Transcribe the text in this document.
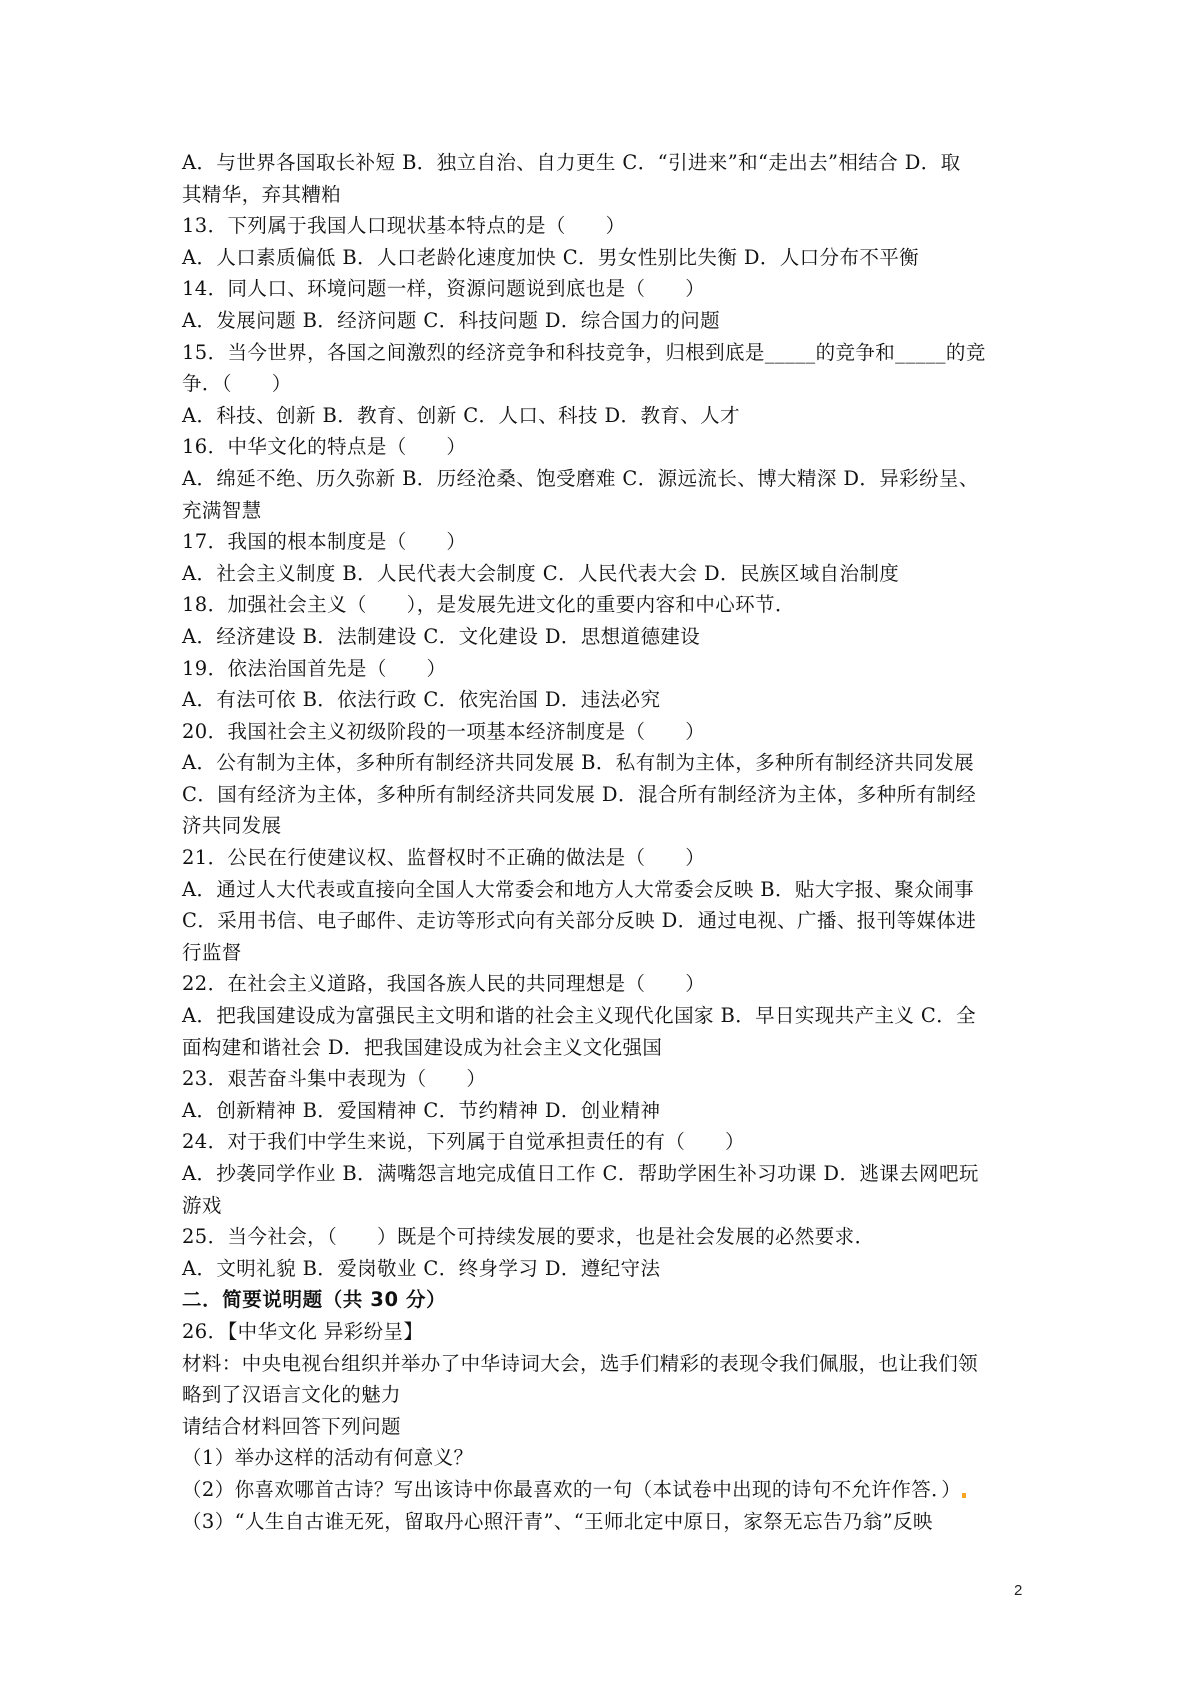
A．与世界各国取长补短 B．独立自治、自力更生 C．“引进来”和“走出去”相结合 D．取
其精华，弃其糟粕
13．下列属于我国人口现状基本特点的是（　　）
A．人口素质偏低 B．人口老龄化速度加快 C．男女性别比失衡 D．人口分布不平衡
14．同人口、环境问题一样，资源问题说到底也是（　　）
A．发展问题 B．经济问题 C．科技问题 D．综合国力的问题
15．当今世界，各国之间激烈的经济竞争和科技竞争，归根到底是_____的竞争和_____的竞
争．（　　）
A．科技、创新 B．教育、创新 C．人口、科技 D．教育、人才
16．中华文化的特点是（　　）
A．绵延不绝、历久弥新 B．历经沧桑、饱受磨难 C．源远流长、博大精深 D．异彩纷呈、
充满智慧
17．我国的根本制度是（　　）
A．社会主义制度 B．人民代表大会制度 C．人民代表大会 D．民族区域自治制度
18．加强社会主义（　　），是发展先进文化的重要内容和中心环节．
A．经济建设 B．法制建设 C．文化建设 D．思想道德建设
19．依法治国首先是（　　）
A．有法可依 B．依法行政 C．依宪治国 D．违法必究
20．我国社会主义初级阶段的一项基本经济制度是（　　）
A．公有制为主体，多种所有制经济共同发展 B．私有制为主体，多种所有制经济共同发展
C．国有经济为主体，多种所有制经济共同发展 D．混合所有制经济为主体，多种所有制经
济共同发展
21．公民在行使建议权、监督权时不正确的做法是（　　）
A．通过人大代表或直接向全国人大常委会和地方人大常委会反映 B．贴大字报、聚众闹事
C．采用书信、电子邮件、走访等形式向有关部分反映 D．通过电视、广播、报刊等媒体进
行监督
22．在社会主义道路，我国各族人民的共同理想是（　　）
A．把我国建设成为富强民主文明和谐的社会主义现代化国家 B．早日实现共产主义 C．全
面构建和谐社会 D．把我国建设成为社会主义文化强国
23．艰苦奋斗集中表现为（　　）
A．创新精神 B．爱国精神 C．节约精神 D．创业精神
24．对于我们中学生来说，下列属于自觉承担责任的有（　　）
A．抄袭同学作业 B．满嘴怨言地完成值日工作 C．帮助学困生补习功课 D．逃课去网吧玩
游戏
25．当今社会，（　　）既是个可持续发展的要求，也是社会发展的必然要求．
A．文明礼貌 B．爱岗敬业 C．终身学习 D．遵纪守法
二．简要说明题（共 30 分）
26．【中华文化 异彩纷呈】
材料：中央电视台组织并举办了中华诗词大会，选手们精彩的表现令我们佩服，也让我们领
略到了汉语言文化的魅力
请结合材料回答下列问题
（1）举办这样的活动有何意义？
（2）你喜欢哪首古诗？写出该诗中你最喜欢的一句（本试卷中出现的诗句不允许作答．）
（3）“人生自古谁无死，留取丹心照汗青”、“王师北定中原日，家祭无忘告乃翁”反映
2
